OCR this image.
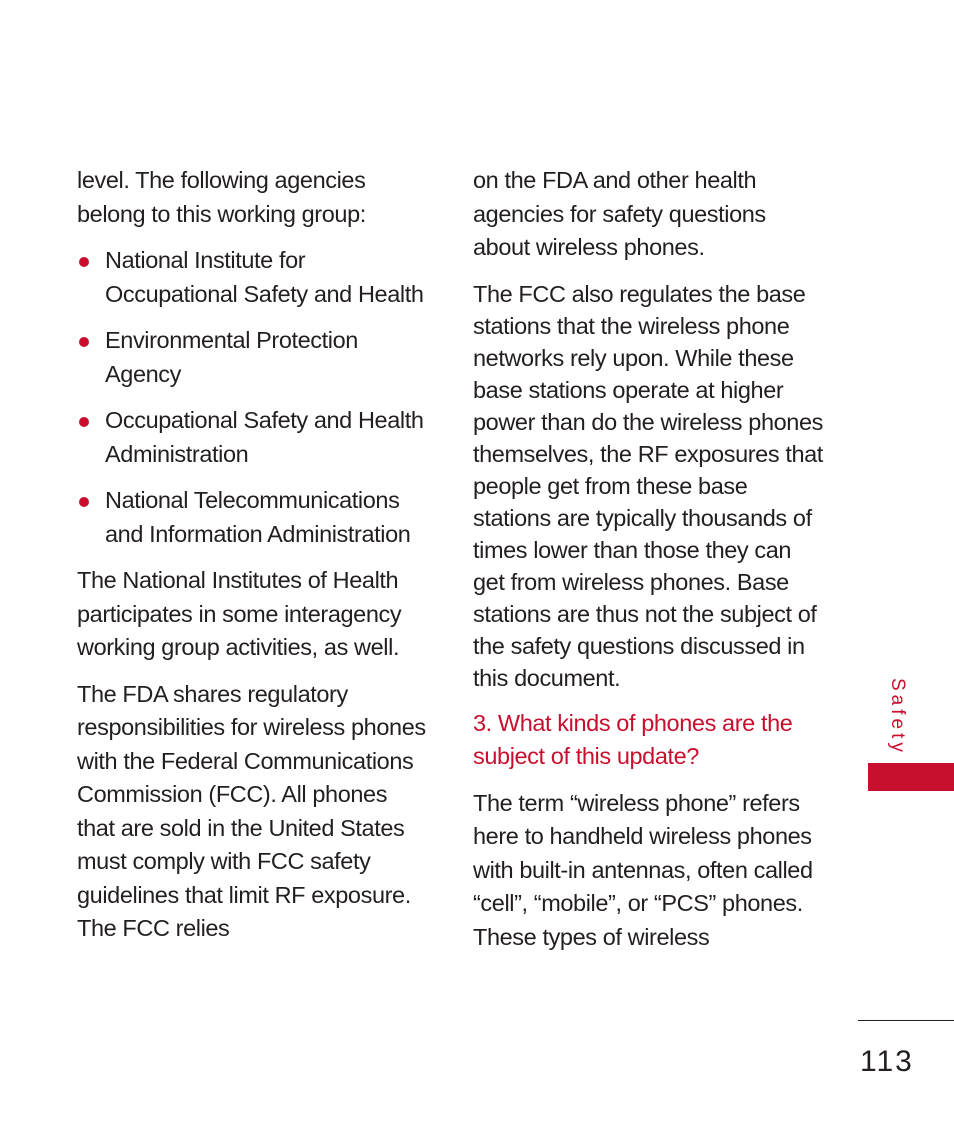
level. The following agencies belong to this working group:

National Institute for Occupational Safety and Health
Environmental Protection Agency
Occupational Safety and Health Administration
National Telecommunications and Information Administration

The National Institutes of Health participates in some interagency working group activities, as well.

The FDA shares regulatory responsibilities for wireless phones with the Federal Communications Commission (FCC). All phones that are sold in the United States must comply with FCC safety guidelines that limit RF exposure. The FCC relies

on the FDA and other health agencies for safety questions about wireless phones.

The FCC also regulates the base stations that the wireless phone networks rely upon. While these base stations operate at higher power than do the wireless phones themselves, the RF exposures that people get from these base stations are typically thousands of times lower than those they can get from wireless phones. Base stations are thus not the subject of the safety questions discussed in this document.

3. What kinds of phones are the subject of this update?

The term “wireless phone” refers here to handheld wireless phones with built-in antennas, often called “cell”, “mobile”, or “PCS” phones. These types of wireless

Safety
113
